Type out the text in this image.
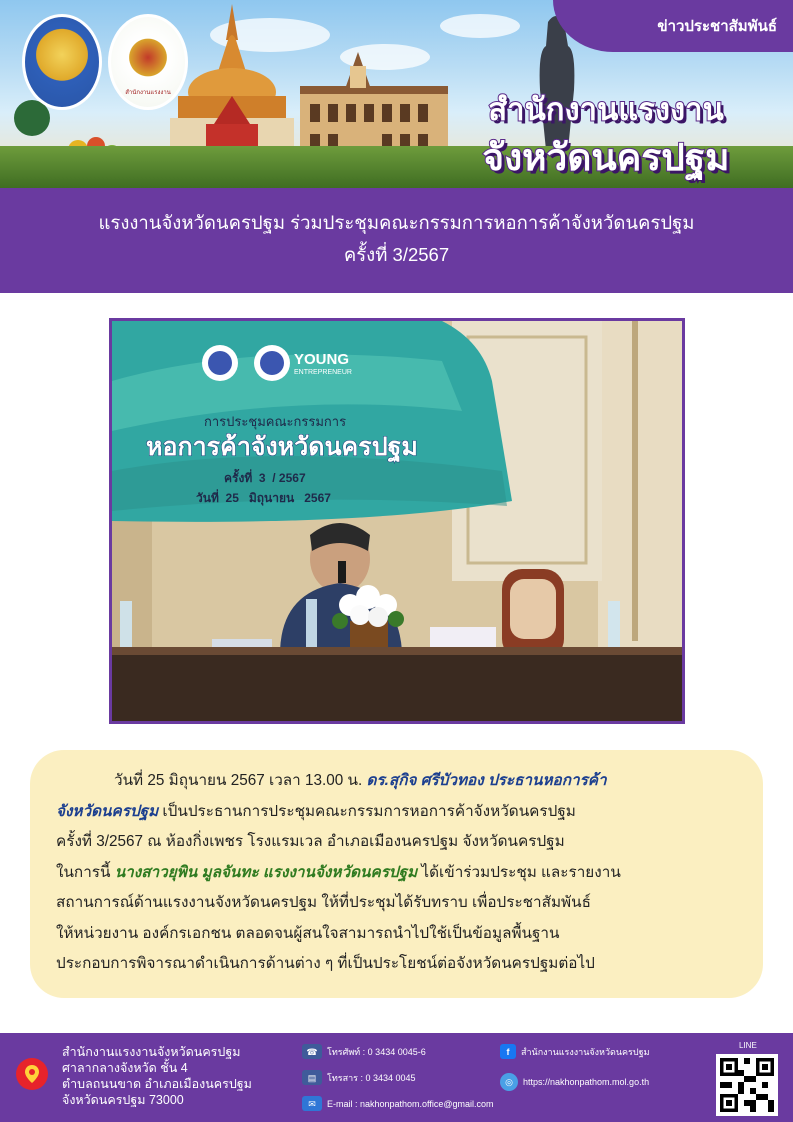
สำนักงานแรงงาน
ข่าวประชาสัมพันธ์
สำนักงานแรงงาน
จังหวัดนครปฐม
แรงงานจังหวัดนครปฐม ร่วมประชุมคณะกรรมการหอการค้าจังหวัดนครปฐม
ครั้งที่ 3/2567
YOUNG
ENTREPRENEUR
การประชุมคณะกรรมการ
หอการค้าจังหวัดนครปฐม
ครั้งที่  3  / 2567
วันที่  25   มิถุนายน   2567

วันที่ 25 มิถุนายน 2567 เวลา 13.00 น. ดร.สุกิจ ศรีบัวทอง ประธานหอการค้า

จังหวัดนครปฐม เป็นประธานการประชุมคณะกรรมการหอการค้าจังหวัดนครปฐม

ครั้งที่ 3/2567 ณ ห้องกิ่งเพชร โรงแรมเวล อำเภอเมืองนครปฐม จังหวัดนครปฐม

ในการนี้ นางสาวยุพิน มูลจันทะ แรงงานจังหวัดนครปฐม ได้เข้าร่วมประชุม และรายงาน

สถานการณ์ด้านแรงงานจังหวัดนครปฐม ให้ที่ประชุมได้รับทราบ เพื่อประชาสัมพันธ์

ให้หน่วยงาน องค์กรเอกชน ตลอดจนผู้สนใจสามารถนำไปใช้เป็นข้อมูลพื้นฐาน

ประกอบการพิจารณาดำเนินการด้านต่าง ๆ ที่เป็นประโยชน์ต่อจังหวัดนครปฐมต่อไป

สำนักงานแรงงานจังหวัดนครปฐม
ศาลากลางจังหวัด ชั้น 4
ตำบลถนนขาด อำเภอเมืองนครปฐม
จังหวัดนครปฐม 73000
☎	โทรศัพท์ : 0 3434 0045-6
▤	โทรสาร : 0 3434 0045
✉	E-mail : nakhonpathom.office@gmail.com
f	สำนักงานแรงงานจังหวัดนครปฐม
◎	https://nakhonpathom.mol.go.th
LINE
